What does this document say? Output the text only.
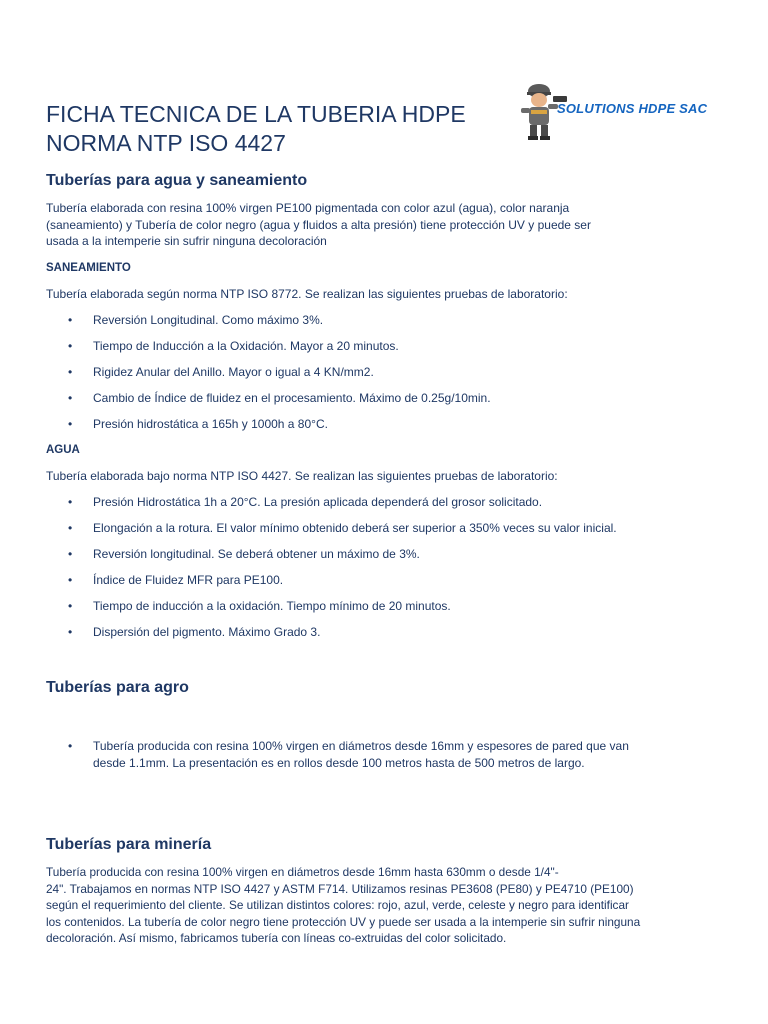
FICHA TECNICA DE LA TUBERIA HDPE
NORMA NTP ISO 4427
SOLUTIONS HDPE SAC
Tuberías para agua y saneamiento
Tubería elaborada con resina 100% virgen PE100 pigmentada con color azul (agua), color naranja
(saneamiento) y Tubería de color negro (agua y fluidos a alta presión) tiene protección UV y puede ser
usada a la intemperie sin sufrir ninguna decoloración
SANEAMIENTO
Tubería elaborada según norma NTP ISO 8772. Se realizan las siguientes pruebas de laboratorio:
•	Reversión Longitudinal. Como máximo 3%.
•	Tiempo de Inducción a la Oxidación. Mayor a 20 minutos.
•	Rigidez Anular del Anillo. Mayor o igual a 4 KN/mm2.
•	Cambio de Índice de fluidez en el procesamiento. Máximo de 0.25g/10min.
•	Presión hidrostática a 165h y 1000h a 80°C.
AGUA
Tubería elaborada bajo norma NTP ISO 4427. Se realizan las siguientes pruebas de laboratorio:
•	Presión Hidrostática 1h a 20°C. La presión aplicada dependerá del grosor solicitado.
•	Elongación a la rotura. El valor mínimo obtenido deberá ser superior a 350% veces su valor inicial.
•	Reversión longitudinal. Se deberá obtener un máximo de 3%.
•	Índice de Fluidez MFR para PE100.
•	Tiempo de inducción a la oxidación. Tiempo mínimo de 20 minutos.
•	Dispersión del pigmento. Máximo Grado 3.
Tuberías para agro
•	Tubería producida con resina 100% virgen en diámetros desde 16mm y espesores de pared que van
desde 1.1mm. La presentación es en rollos desde 100 metros hasta de 500 metros de largo.
Tuberías para minería
Tubería producida con resina 100% virgen en diámetros desde 16mm hasta 630mm o desde 1/4"-
24". Trabajamos en normas NTP ISO 4427 y ASTM F714. Utilizamos resinas PE3608 (PE80) y PE4710 (PE100)
según el requerimiento del cliente. Se utilizan distintos colores: rojo, azul, verde, celeste y negro para identificar
los contenidos. La tubería de color negro tiene protección UV y puede ser usada a la intemperie sin sufrir ninguna
decoloración. Así mismo, fabricamos tubería con líneas co-extruidas del color solicitado.
